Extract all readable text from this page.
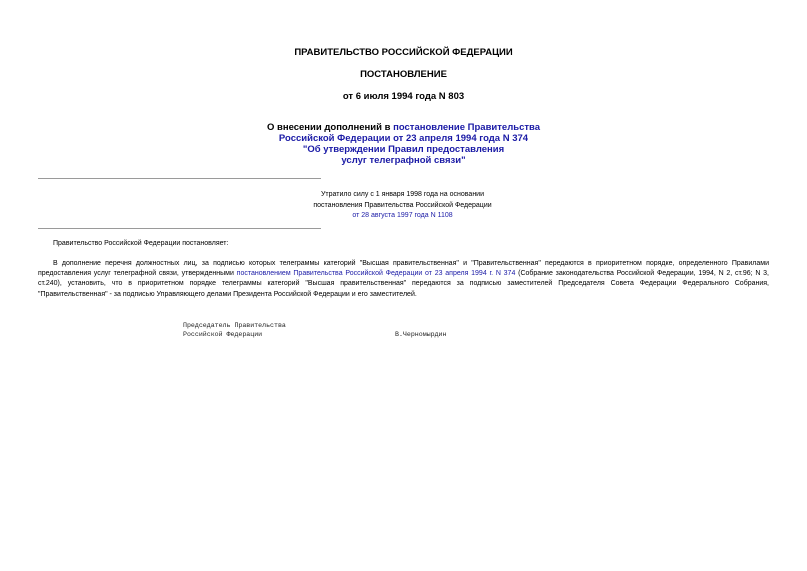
ПРАВИТЕЛЬСТВО РОССИЙСКОЙ ФЕДЕРАЦИИ
ПОСТАНОВЛЕНИЕ
от 6 июля 1994 года N 803
О внесении дополнений в постановление Правительства
Российской Федерации от 23 апреля 1994 года N 374
"Об утверждении Правил предоставления
услуг телеграфной связи"
Утратило силу с 1 января 1998 года на основании
постановления Правительства Российской Федерации
от 28 августа 1997 года N 1108
Правительство Российской Федерации постановляет:
В дополнение перечня должностных лиц, за подписью которых телеграммы категорий "Высшая правительственная" и "Правительственная" передаются в приоритетном порядке, определенного Правилами предоставления услуг телеграфной связи, утвержденными постановлением Правительства Российской Федерации от 23 апреля 1994 г. N 374 (Собрание законодательства Российской Федерации, 1994, N 2, ст.96; N 3, ст.240), установить, что в приоритетном порядке телеграммы категорий "Высшая правительственная" передаются за подписью заместителей Председателя Совета Федерации Федерального Собрания, "Правительственная" - за подписью Управляющего делами Президента Российской Федерации и его заместителей.
Председатель Правительства
Российской Федерации	В.Черномырдин
